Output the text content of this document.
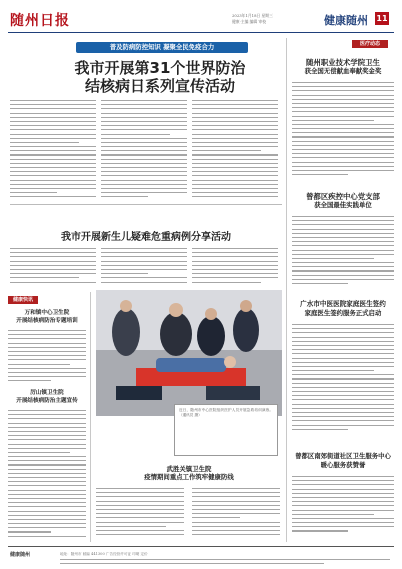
随州日报	2023年1月18日 星期三
健康·主编 编辑 审校	健康随州 11
普及防病防控知识 凝聚全民免疫合力
我市开展第31个世界防治
结核病日系列宣传活动
我市开展新生儿疑难危重病例分享活动
健康快讯
万和镇中心卫生院
开展结核病防治专题培训
厉山镇卫生院
开展结核病防治主题宣传
近日，随州市中心医院组织医护人员开展急救培训演练。（通讯员 摄）
武胜关镇卫生院
疫情期间重点工作筑牢健康防线
医疗动态
随州职业技术学院卫生
获全国无偿献血奉献奖金奖
曾都区疾控中心党支部
获全国最佳实践单位
广水市中医医院家庭医生签约
家庭医生签约服务正式启动
曾都区南郊街道社区卫生服务中心
暖心服务获赞誉
健康随州	地址：随州市 邮编 441300 广告经营许可证 印刷 定价
